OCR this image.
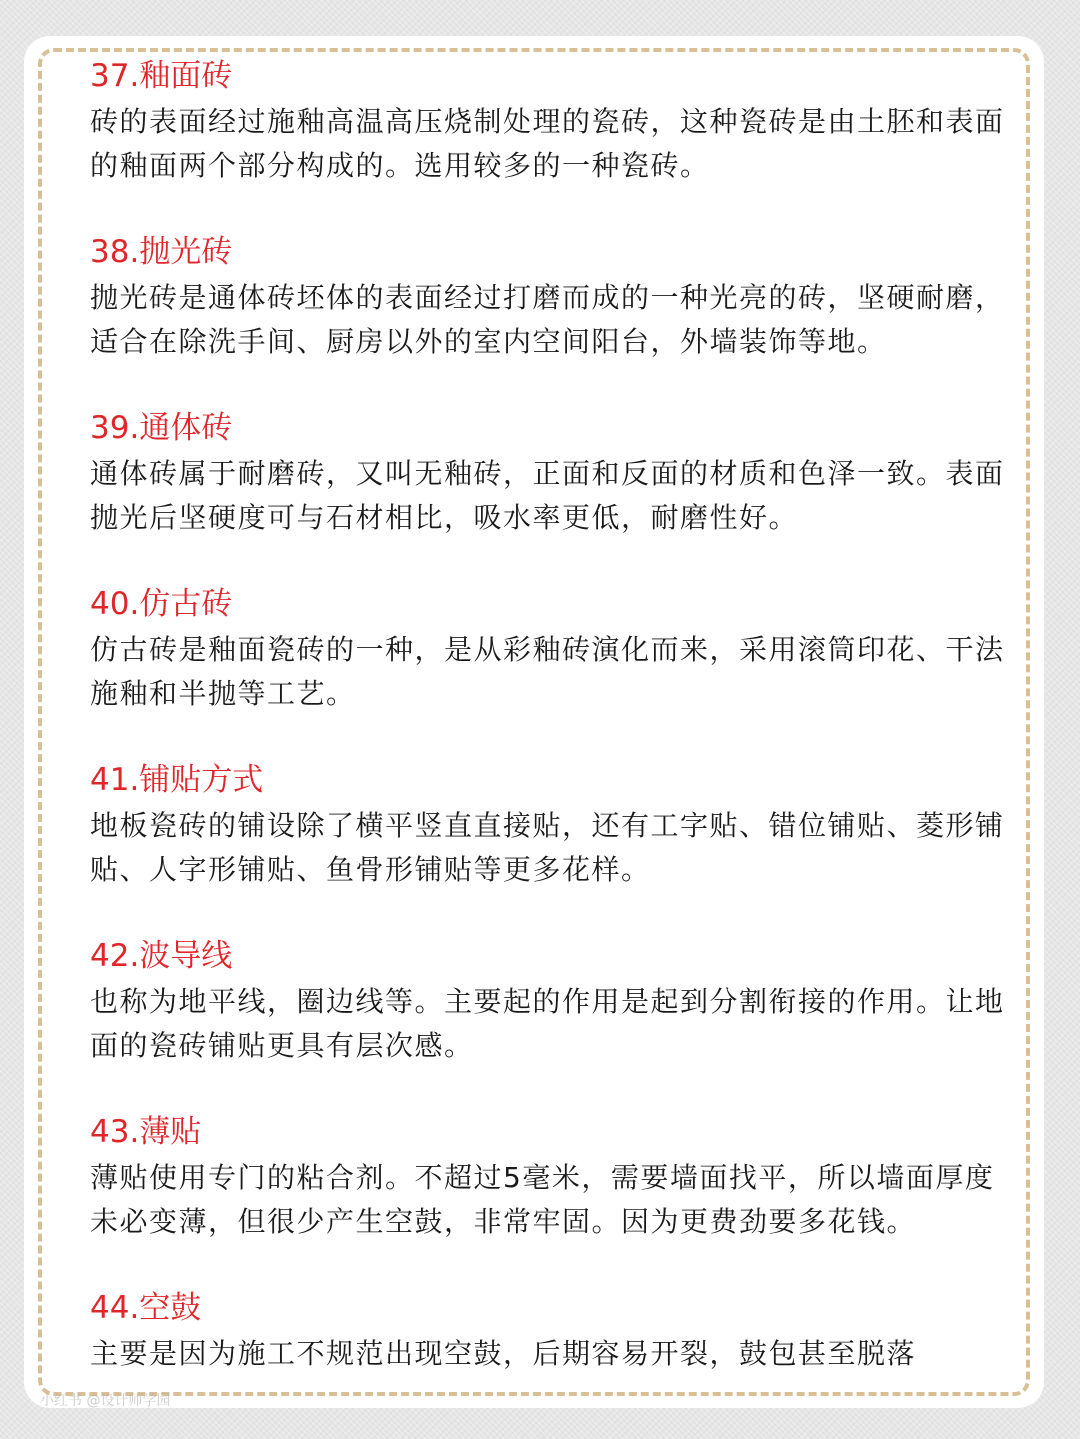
37.釉面砖

砖的表面经过施釉高温高压烧制处理的瓷砖，这种瓷砖是由土胚和表面的釉面两个部分构成的。选用较多的一种瓷砖。

38.抛光砖

抛光砖是通体砖坯体的表面经过打磨而成的一种光亮的砖，坚硬耐磨，适合在除洗手间、厨房以外的室内空间阳台，外墙装饰等地。

39.通体砖

通体砖属于耐磨砖，又叫无釉砖，正面和反面的材质和色泽一致。表面抛光后坚硬度可与石材相比，吸水率更低，耐磨性好。

40.仿古砖

仿古砖是釉面瓷砖的一种，是从彩釉砖演化而来，采用滚筒印花、干法施釉和半抛等工艺。

41.铺贴方式

地板瓷砖的铺设除了横平竖直直接贴，还有工字贴、错位铺贴、菱形铺贴、人字形铺贴、鱼骨形铺贴等更多花样。

42.波导线

也称为地平线，圈边线等。主要起的作用是起到分割衔接的作用。让地面的瓷砖铺贴更具有层次感。

43.薄贴

薄贴使用专门的粘合剂。不超过5毫米，需要墙面找平，所以墙面厚度未必变薄，但很少产生空鼓，非常牢固。因为更费劲要多花钱。

44.空鼓

主要是因为施工不规范出现空鼓，后期容易开裂，鼓包甚至脱落

小红书 @设计师学园
